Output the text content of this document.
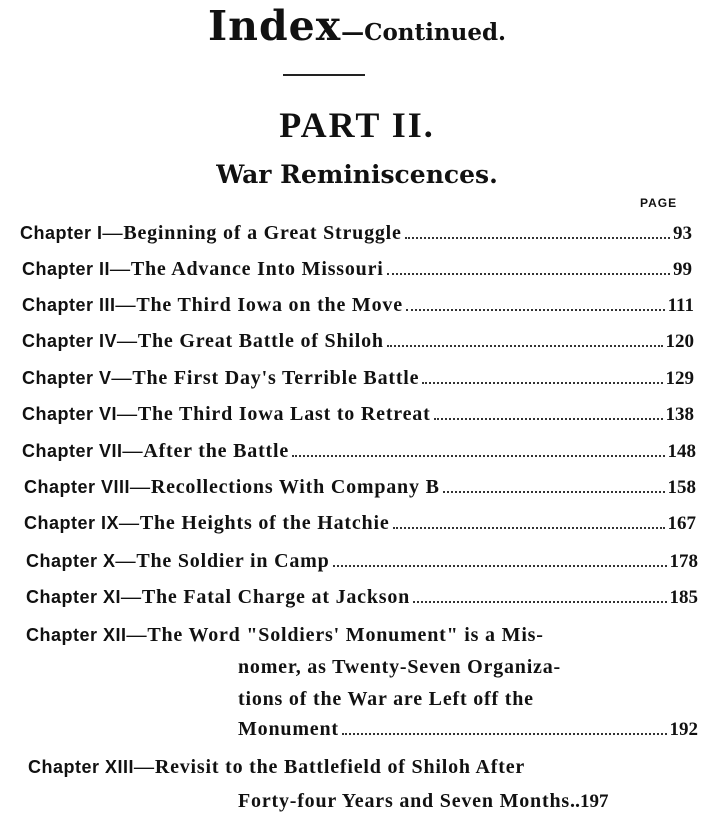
Index—Continued.
PART II.
War Reminiscences.
PAGE
Chapter I —Beginning of a Great Struggle	93
Chapter II —The Advance Into Missouri	99
Chapter III —The Third Iowa on the Move	111
Chapter IV —The Great Battle of Shiloh	120
Chapter V —The First Day's Terrible Battle	129
Chapter VI —The Third Iowa Last to Retreat	138
Chapter VII —After the Battle	148
Chapter VIII —Recollections With Company B	158
Chapter IX —The Heights of the Hatchie	167
Chapter X —The Soldier in Camp	178
Chapter XI —The Fatal Charge at Jackson	185
Chapter XII —The Word "Soldiers' Monument" is a Mis-
nomer, as Twenty-Seven Organiza-
tions of the War are Left off the
Monument	192
Chapter XIII —Revisit to the Battlefield of Shiloh After
Forty-four Years and Seven Months .. 197
